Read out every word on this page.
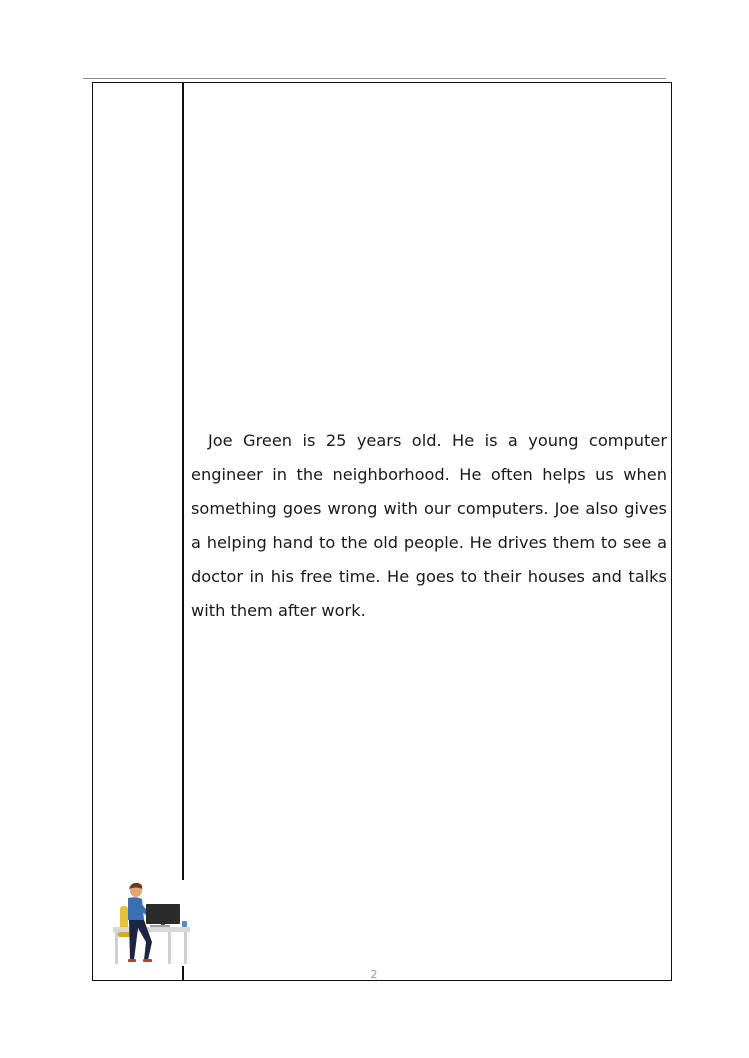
Joe Green is 25 years old. He is a young computer engineer in the neighborhood. He often helps us when something goes wrong with our computers. Joe also gives a helping hand to the old people. He drives them to see a doctor in his free time. He goes to their houses and talks with them after work.

2
